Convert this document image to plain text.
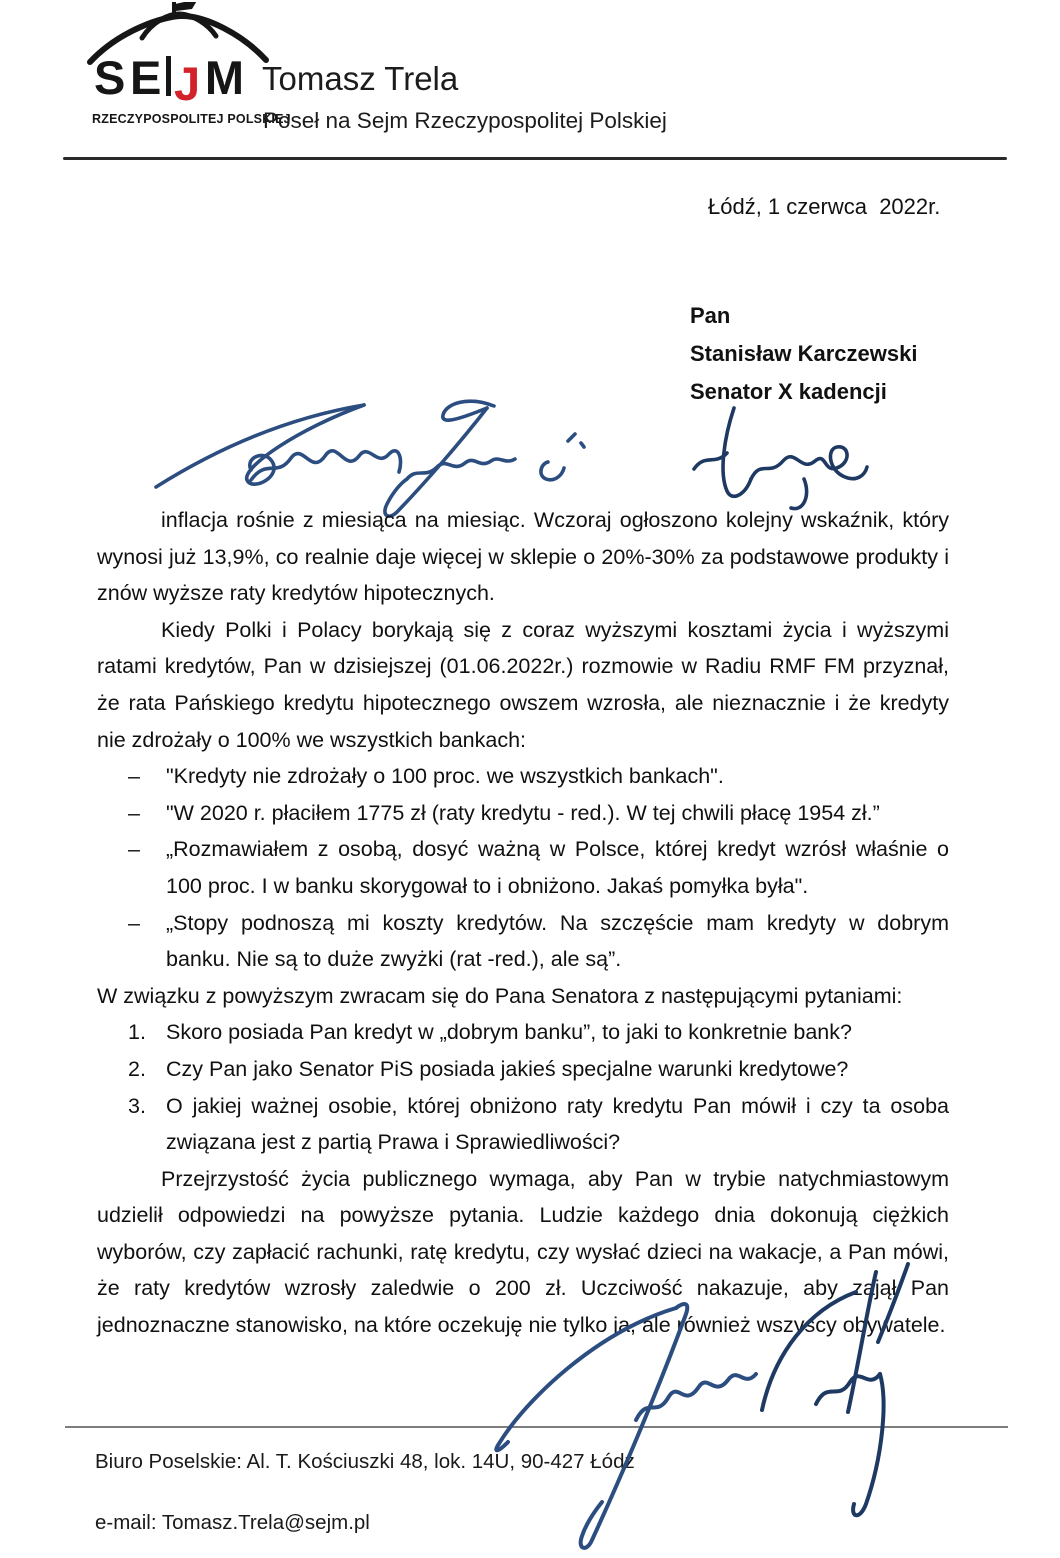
S E J M
RZECZYPOSPOLITEJ POLSKIEJ
Tomasz Trela
Poseł na Sejm Rzeczypospolitej Polskiej
Łódź, 1 czerwca  2022r.
Pan
Stanisław Karczewski
Senator X kadencji

inflacja rośnie z miesiąca na miesiąc. Wczoraj ogłoszono kolejny wskaźnik, który wynosi już 13,9%, co realnie daje więcej w sklepie o 20%-30% za podstawowe produkty i znów wyższe raty kredytów hipotecznych.

Kiedy Polki i Polacy borykają się z coraz wyższymi kosztami życia i wyższymi ratami kredytów, Pan w dzisiejszej (01.06.2022r.) rozmowie w Radiu RMF FM przyznał, że rata Pańskiego kredytu hipotecznego owszem wzrosła, ale nieznacznie i że kredyty nie zdrożały o 100% we wszystkich bankach:

–	"Kredyty nie zdrożały o 100 proc. we wszystkich bankach".
–	"W 2020 r. płaciłem 1775 zł (raty kredytu - red.). W tej chwili płacę 1954 zł.”
–	„Rozmawiałem z osobą, dosyć ważną w Polsce, której kredyt wzrósł właśnie o 100 proc. I w banku skorygował to i obniżono. Jakaś pomyłka była".
–	„Stopy podnoszą mi koszty kredytów. Na szczęście mam kredyty w dobrym banku. Nie są to duże zwyżki (rat -red.), ale są”.

W związku z powyższym zwracam się do Pana Senatora z następującymi pytaniami:

1. Skoro posiada Pan kredyt w „dobrym banku”, to jaki to konkretnie bank?
2. Czy Pan jako Senator PiS posiada jakieś specjalne warunki kredytowe?
3. O jakiej ważnej osobie, której obniżono raty kredytu Pan mówił i czy ta osoba związana jest z partią Prawa i Sprawiedliwości?

Przejrzystość życia publicznego wymaga, aby Pan w trybie natychmiastowym udzielił odpowiedzi na powyższe pytania. Ludzie każdego dnia dokonują ciężkich wyborów, czy zapłacić rachunki, ratę kredytu, czy wysłać dzieci na wakacje, a Pan mówi, że raty kredytów wzrosły zaledwie o 200 zł. Uczciwość nakazuje, aby zajął Pan jednoznaczne stanowisko, na które oczekuję nie tylko ja, ale również wszyscy obywatele.

Biuro Poselskie: Al. T. Kościuszki 48, lok. 14U, 90-427 Łódź
e-mail: Tomasz.Trela@sejm.pl
